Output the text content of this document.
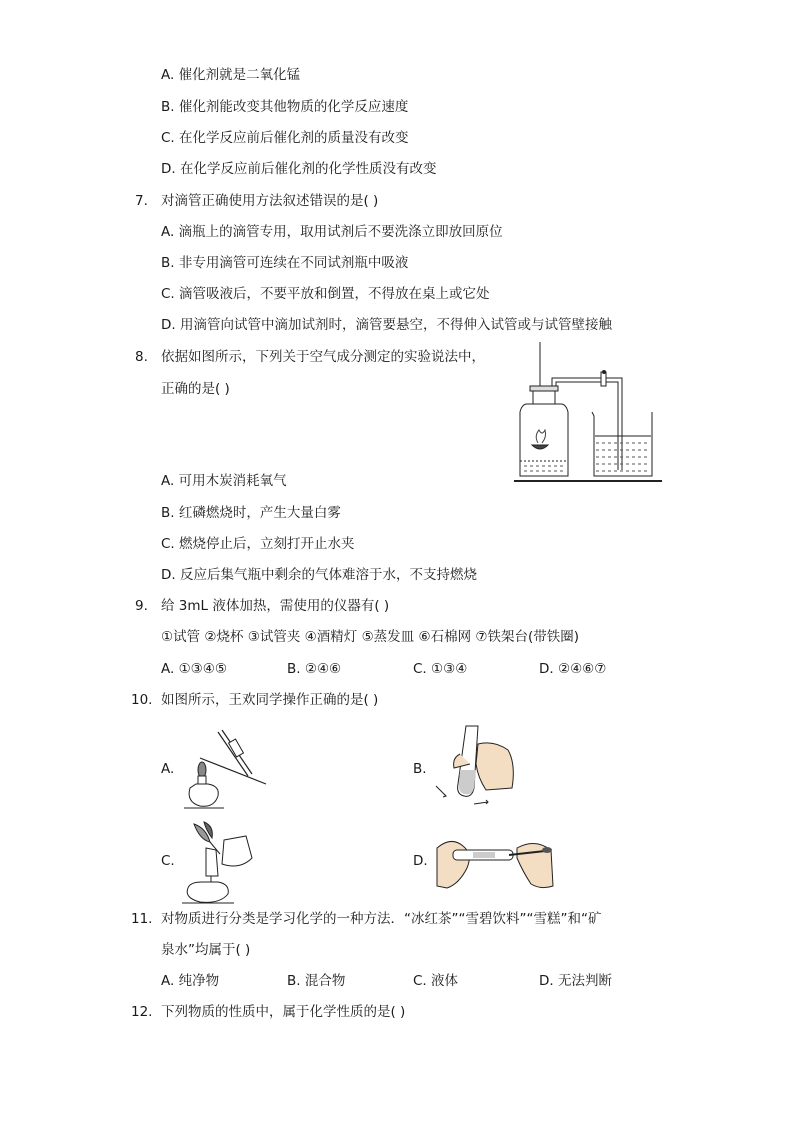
A. 催化剂就是二氧化锰
B. 催化剂能改变其他物质的化学反应速度
C. 在化学反应前后催化剂的质量没有改变
D. 在化学反应前后催化剂的化学性质没有改变
7. 对滴管正确使用方法叙述错误的是( )
A. 滴瓶上的滴管专用，取用试剂后不要洗涤立即放回原位
B. 非专用滴管可连续在不同试剂瓶中吸液
C. 滴管吸液后，不要平放和倒置，不得放在桌上或它处
D. 用滴管向试管中滴加试剂时，滴管要悬空，不得伸入试管或与试管壁接触
8. 依据如图所示，下列关于空气成分测定的实验说法中，
正确的是( )
A. 可用木炭消耗氧气
B. 红磷燃烧时，产生大量白雾
C. 燃烧停止后，立刻打开止水夹
D. 反应后集气瓶中剩余的气体难溶于水，不支持燃烧
9. 给 3mL 液体加热，需使用的仪器有( )
①试管 ②烧杯 ③试管夹 ④酒精灯 ⑤蒸发皿 ⑥石棉网 ⑦铁架台(带铁圈)
A. ①③④⑤	B. ②④⑥	C. ①③④	D. ②④⑥⑦
10. 如图所示，王欢同学操作正确的是( )
A.	B.
C.	D.
11. 对物质进行分类是学习化学的一种方法．“冰红茶”“雪碧饮料”“雪糕”和“矿
泉水”均属于( )
A. 纯净物	B. 混合物	C. 液体	D. 无法判断
12. 下列物质的性质中，属于化学性质的是( )
